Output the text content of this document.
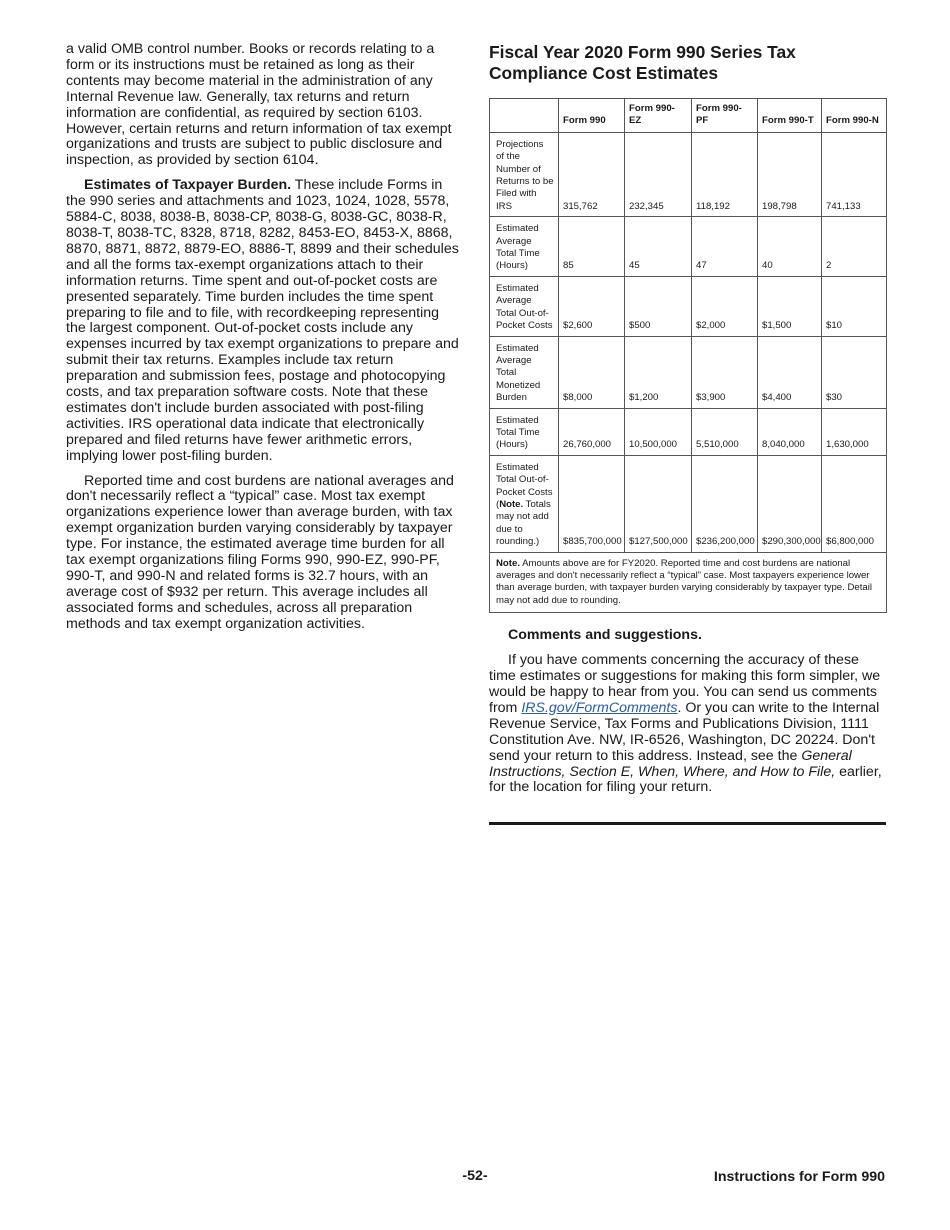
a valid OMB control number. Books or records relating to a form or its instructions must be retained as long as their contents may become material in the administration of any Internal Revenue law. Generally, tax returns and return information are confidential, as required by section 6103. However, certain returns and return information of tax exempt organizations and trusts are subject to public disclosure and inspection, as provided by section 6104.

Estimates of Taxpayer Burden. These include Forms in the 990 series and attachments and 1023, 1024, 1028, 5578, 5884-C, 8038, 8038-B, 8038-CP, 8038-G, 8038-GC, 8038-R, 8038-T, 8038-TC, 8328, 8718, 8282, 8453-EO, 8453-X, 8868, 8870, 8871, 8872, 8879-EO, 8886-T, 8899 and their schedules and all the forms tax-exempt organizations attach to their information returns. Time spent and out-of-pocket costs are presented separately. Time burden includes the time spent preparing to file and to file, with recordkeeping representing the largest component. Out-of-pocket costs include any expenses incurred by tax exempt organizations to prepare and submit their tax returns. Examples include tax return preparation and submission fees, postage and photocopying costs, and tax preparation software costs. Note that these estimates don't include burden associated with post-filing activities. IRS operational data indicate that electronically prepared and filed returns have fewer arithmetic errors, implying lower post-filing burden.

Reported time and cost burdens are national averages and don't necessarily reflect a “typical” case. Most tax exempt organizations experience lower than average burden, with tax exempt organization burden varying considerably by taxpayer type. For instance, the estimated average time burden for all tax exempt organizations filing Forms 990, 990-EZ, 990-PF, 990-T, and 990-N and related forms is 32.7 hours, with an average cost of $932 per return. This average includes all associated forms and schedules, across all preparation methods and tax exempt organization activities.

Fiscal Year 2020 Form 990 Series Tax Compliance Cost Estimates
	Form 990	Form 990-EZ	Form 990-PF	Form 990-T	Form 990-N
Projections of the Number of Returns to be Filed with IRS	315,762	232,345	118,192	198,798	741,133
Estimated Average Total Time (Hours)	85	45	47	40	2
Estimated Average Total Out-of-Pocket Costs	$2,600	$500	$2,000	$1,500	$10
Estimated Average Total Monetized Burden	$8,000	$1,200	$3,900	$4,400	$30
Estimated Total Time (Hours)	26,760,000	10,500,000	5,510,000	8,040,000	1,630,000
Estimated Total Out-of-Pocket Costs (Note. Totals may not add due to rounding.)	$835,700,000	$127,500,000	$236,200,000	$290,300,000	$6,800,000
Note. Amounts above are for FY2020. Reported time and cost burdens are national averages and don't necessarily reflect a “typical” case. Most taxpayers experience lower than average burden, with taxpayer burden varying considerably by taxpayer type. Detail may not add due to rounding.					
Comments and suggestions.

If you have comments concerning the accuracy of these time estimates or suggestions for making this form simpler, we would be happy to hear from you. You can send us comments from IRS.gov/FormComments. Or you can write to the Internal Revenue Service, Tax Forms and Publications Division, 1111 Constitution Ave. NW, IR-6526, Washington, DC 20224. Don't send your return to this address. Instead, see the General Instructions, Section E, When, Where, and How to File, earlier, for the location for filing your return.

-52-	Instructions for Form 990
